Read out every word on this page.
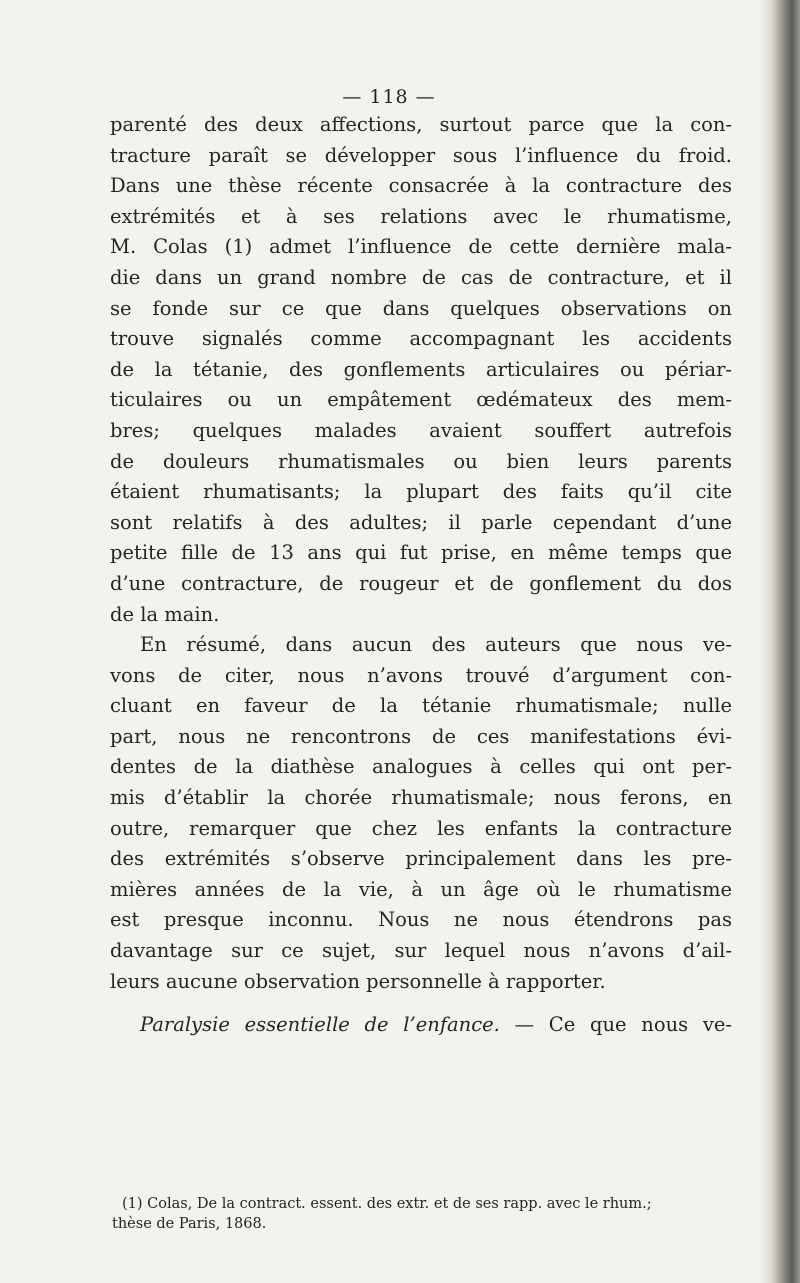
— 118 —
parenté des deux affections, surtout parce que la con-
tracture paraît se développer sous l’influence du froid.
Dans une thèse récente consacrée à la contracture des
extrémités et à ses relations avec le rhumatisme,
M. Colas (1) admet l’influence de cette dernière mala-
die dans un grand nombre de cas de contracture, et il
se fonde sur ce que dans quelques observations on
trouve signalés comme accompagnant les accidents
de la tétanie, des gonflements articulaires ou périar-
ticulaires ou un empâtement œdémateux des mem-
bres; quelques malades avaient souffert autrefois
de douleurs rhumatismales ou bien leurs parents
étaient rhumatisants; la plupart des faits qu’il cite
sont relatifs à des adultes; il parle cependant d’une
petite fille de 13 ans qui fut prise, en même temps que
d’une contracture, de rougeur et de gonflement du dos
de la main.
En résumé, dans aucun des auteurs que nous ve-
vons de citer, nous n’avons trouvé d’argument con-
cluant en faveur de la tétanie rhumatismale; nulle
part, nous ne rencontrons de ces manifestations évi-
dentes de la diathèse analogues à celles qui ont per-
mis d’établir la chorée rhumatismale; nous ferons, en
outre, remarquer que chez les enfants la contracture
des extrémités s’observe principalement dans les pre-
mières années de la vie, à un âge où le rhumatisme
est presque inconnu. Nous ne nous étendrons pas
davantage sur ce sujet, sur lequel nous n’avons d’ail-
leurs aucune observation personnelle à rapporter.
Paralysie essentielle de l’enfance. — Ce que nous ve-
(1) Colas, De la contract. essent. des extr. et de ses rapp. avec le rhum.;
thèse de Paris, 1868.
